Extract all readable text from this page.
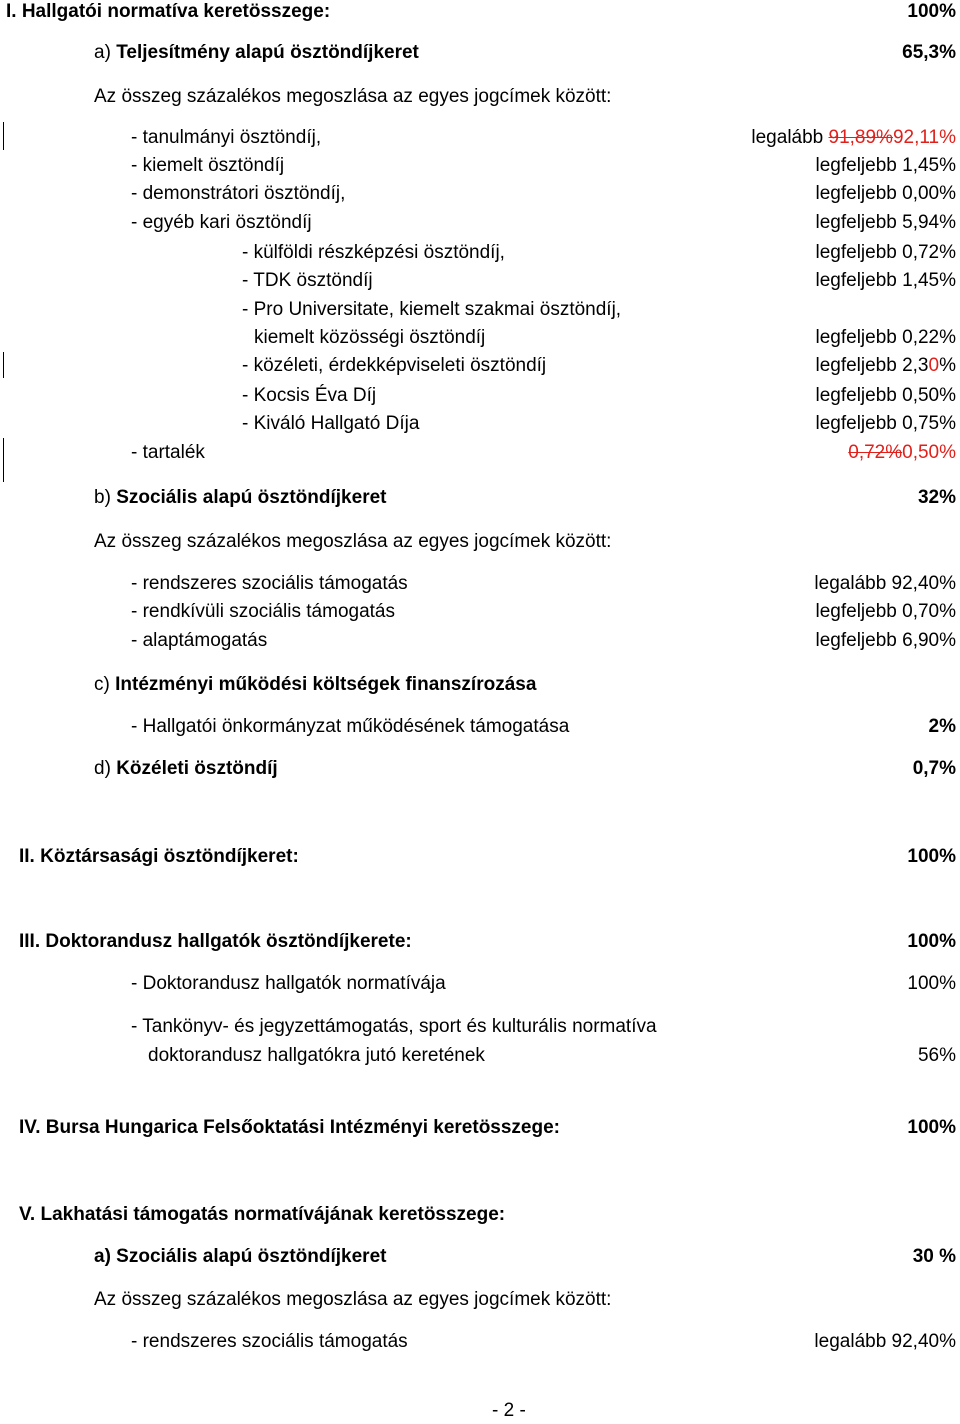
I. Hallgatói normatíva keretösszege:	100%
a) Teljesítmény alapú ösztöndíjkeret	65,3%
Az összeg százalékos megoszlása az egyes jogcímek között:
- tanulmányi ösztöndíj,	legalább 91,89%92,11%
- kiemelt ösztöndíj	legfeljebb 1,45%
- demonstrátori ösztöndíj,	legfeljebb 0,00%
- egyéb kari ösztöndíj	legfeljebb 5,94%
- külföldi részképzési ösztöndíj,	legfeljebb 0,72%
- TDK ösztöndíj	legfeljebb 1,45%
- Pro Universitate, kiemelt szakmai ösztöndíj,
kiemelt közösségi ösztöndíj	legfeljebb 0,22%
- közéleti, érdekképviseleti ösztöndíj	legfeljebb 2,30%
- Kocsis Éva Díj	legfeljebb 0,50%
- Kiváló Hallgató Díja	legfeljebb 0,75%
- tartalék	0,72%0,50%
b) Szociális alapú ösztöndíjkeret	32%
Az összeg százalékos megoszlása az egyes jogcímek között:
- rendszeres szociális támogatás	legalább 92,40%
- rendkívüli szociális támogatás	legfeljebb 0,70%
- alaptámogatás	legfeljebb 6,90%
c) Intézményi működési költségek finanszírozása
- Hallgatói önkormányzat működésének támogatása	2%
d) Közéleti ösztöndíj	0,7%
II. Köztársasági ösztöndíjkeret:	100%
III. Doktorandusz hallgatók ösztöndíjkerete:	100%
- Doktorandusz hallgatók normatívája	100%
- Tankönyv- és jegyzettámogatás, sport és kulturális normatíva
doktorandusz hallgatókra jutó keretének	56%
IV. Bursa Hungarica Felsőoktatási Intézményi keretösszege:	100%
V. Lakhatási támogatás normatívájának keretösszege:
a) Szociális alapú ösztöndíjkeret	30 %
Az összeg százalékos megoszlása az egyes jogcímek között:
- rendszeres szociális támogatás	legalább 92,40%
- 2 -
